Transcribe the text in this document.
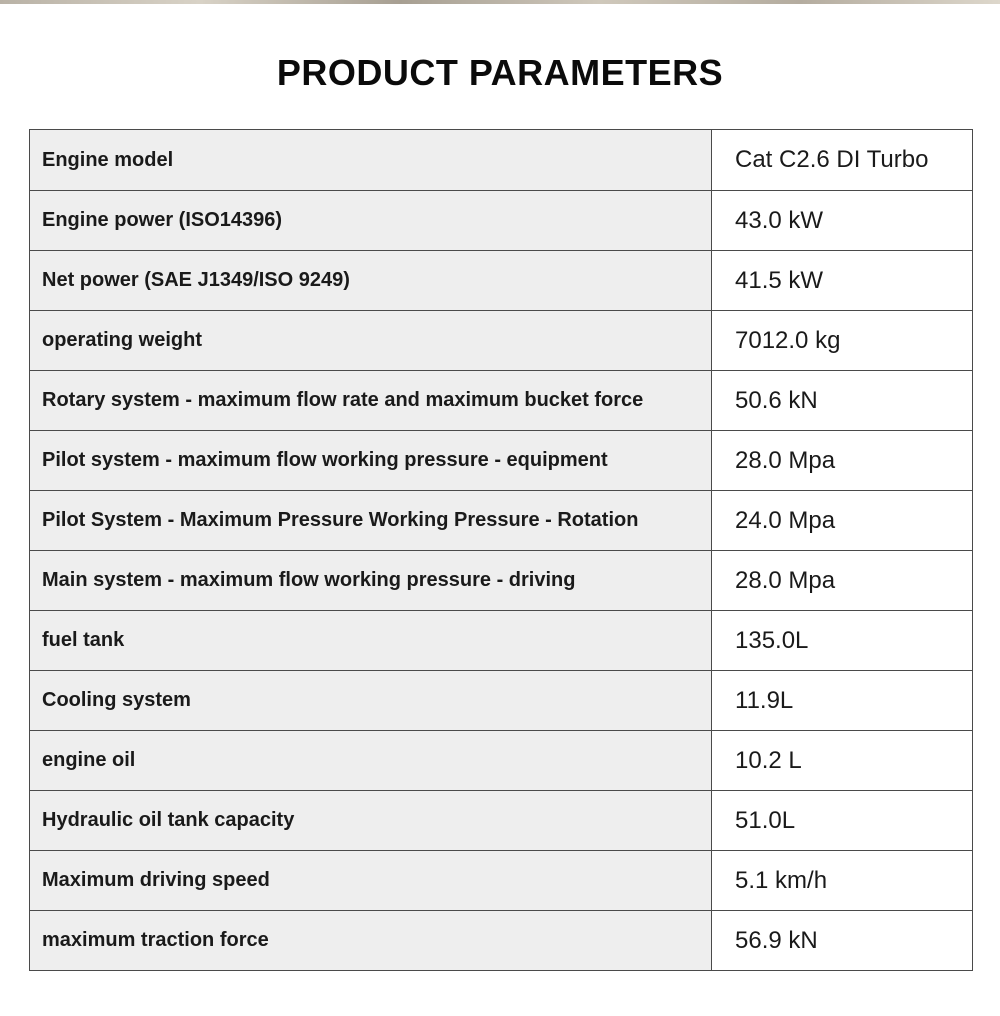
PRODUCT PARAMETERS
Engine model	Cat C2.6 DI Turbo
Engine power (ISO14396)	43.0 kW
Net power (SAE J1349/ISO 9249)	41.5 kW
operating weight	7012.0 kg
Rotary system - maximum flow rate and maximum bucket force	50.6 kN
Pilot system - maximum flow working pressure - equipment	28.0 Mpa
Pilot System - Maximum Pressure Working Pressure - Rotation	24.0 Mpa
Main system - maximum flow working pressure - driving	28.0 Mpa
fuel tank	135.0L
Cooling system	11.9L
engine oil	10.2 L
Hydraulic oil tank capacity	51.0L
Maximum driving speed	5.1 km/h
maximum traction force	56.9 kN
